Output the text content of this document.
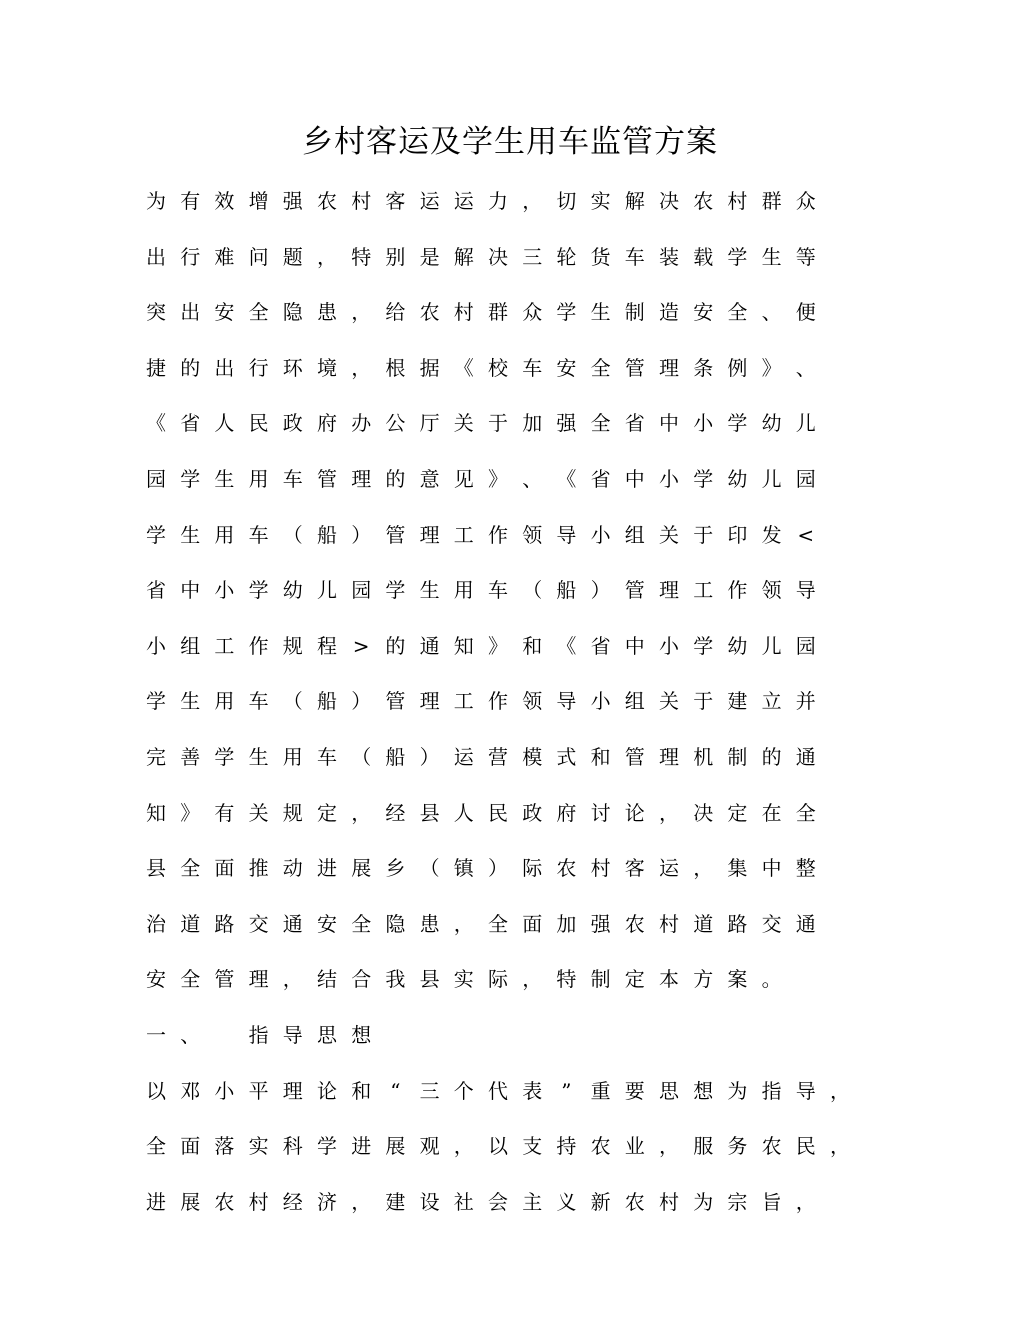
乡村客运及学生用车监管方案
为 有 效 增 强 农 村 客 运 运 力 ， 切 实 解 决 农 村 群 众
出 行 难 问 题 ， 特 别 是 解 决 三 轮 货 车 装 载 学 生 等
突 出 安 全 隐 患 ， 给 农 村 群 众 学 生 制 造 安 全 、 便
捷 的 出 行 环 境 ， 根 据 《 校 车 安 全 管 理 条 例 》 、
《 省 人 民 政 府 办 公 厅 关 于 加 强 全 省 中 小 学 幼 儿
园 学 生 用 车 管 理 的 意 见 》 、 《 省 中 小 学 幼 儿 园
学 生 用 车 （ 船 ） 管 理 工 作 领 导 小 组 关 于 印 发 <
省 中 小 学 幼 儿 园 学 生 用 车 （ 船 ） 管 理 工 作 领 导
小 组 工 作 规 程 > 的 通 知 》 和 《 省 中 小 学 幼 儿 园
学 生 用 车 （ 船 ） 管 理 工 作 领 导 小 组 关 于 建 立 并
完 善 学 生 用 车 （ 船 ） 运 营 模 式 和 管 理 机 制 的 通
知 》 有 关 规 定 ， 经 县 人 民 政 府 讨 论 ， 决 定 在 全
县 全 面 推 动 进 展 乡 （ 镇 ） 际 农 村 客 运 ， 集 中 整
治 道 路 交 通 安 全 隐 患 ， 全 面 加 强 农 村 道 路 交 通
安 全 管 理 ， 结 合 我 县 实 际 ， 特 制 定 本 方 案 。
一 、 指 导 思 想
以 邓 小 平 理 论 和 “ 三 个 代 表 ” 重 要 思 想 为 指 导 ，
全 面 落 实 科 学 进 展 观 ， 以 支 持 农 业 ， 服 务 农 民 ，
进 展 农 村 经 济 ， 建 设 社 会 主 义 新 农 村 为 宗 旨 ，
